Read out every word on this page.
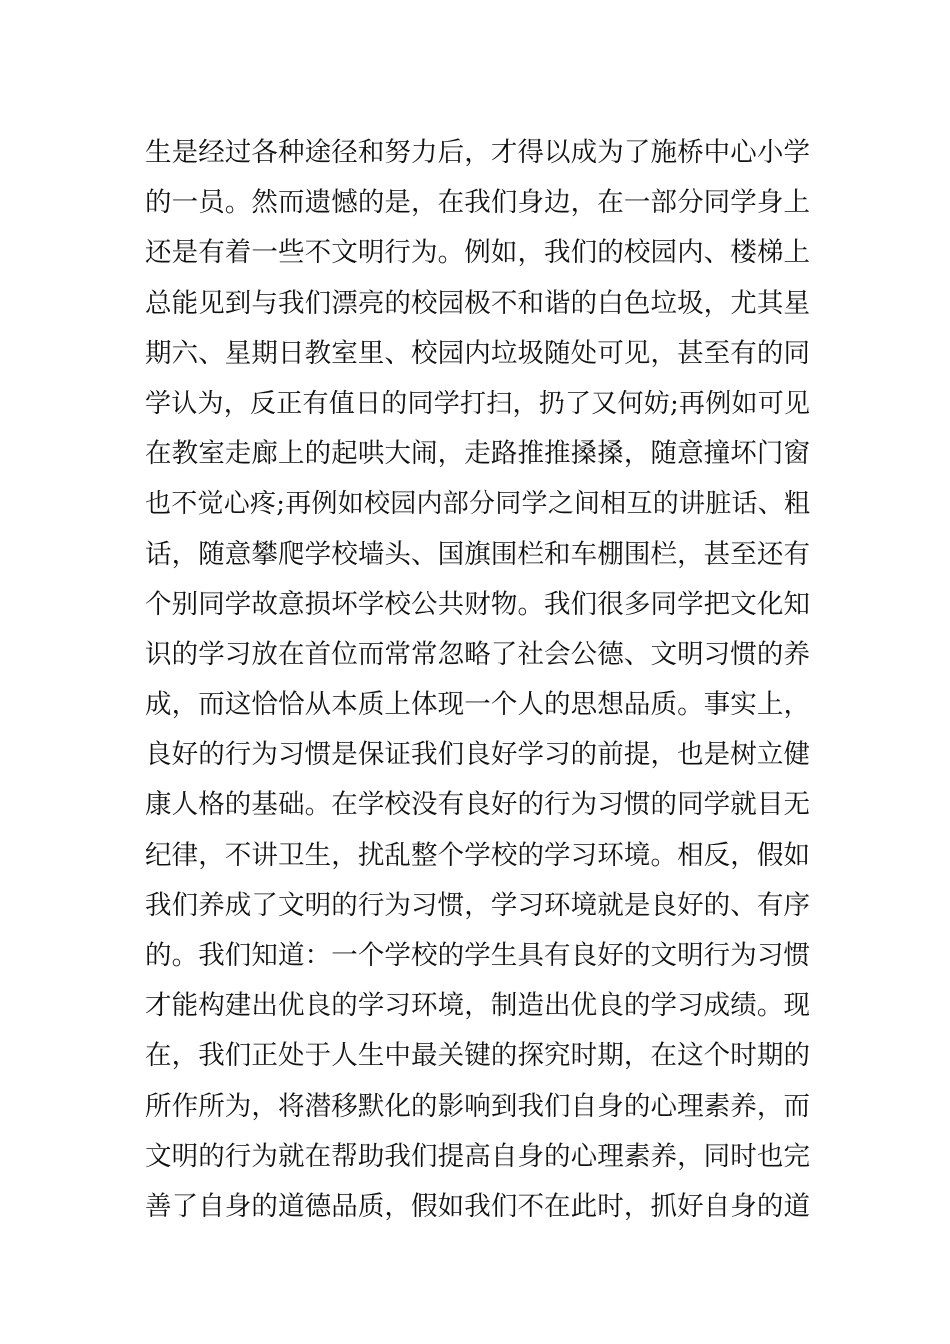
生是经过各种途径和努力后，才得以成为了施桥中心小学
的一员。然而遗憾的是，在我们身边，在一部分同学身上
还是有着一些不文明行为。例如，我们的校园内、楼梯上
总能见到与我们漂亮的校园极不和谐的白色垃圾，尤其星
期六、星期日教室里、校园内垃圾随处可见，甚至有的同
学认为，反正有值日的同学打扫，扔了又何妨;再例如可见
在教室走廊上的起哄大闹，走路推推搡搡，随意撞坏门窗
也不觉心疼;再例如校园内部分同学之间相互的讲脏话、粗
话，随意攀爬学校墙头、国旗围栏和车棚围栏，甚至还有
个别同学故意损坏学校公共财物。我们很多同学把文化知
识的学习放在首位而常常忽略了社会公德、文明习惯的养
成，而这恰恰从本质上体现一个人的思想品质。事实上，
良好的行为习惯是保证我们良好学习的前提，也是树立健
康人格的基础。在学校没有良好的行为习惯的同学就目无
纪律，不讲卫生，扰乱整个学校的学习环境。相反，假如
我们养成了文明的行为习惯，学习环境就是良好的、有序
的。我们知道：一个学校的学生具有良好的文明行为习惯
才能构建出优良的学习环境，制造出优良的学习成绩。现
在，我们正处于人生中最关键的探究时期，在这个时期的
所作所为，将潜移默化的影响到我们自身的心理素养，而
文明的行为就在帮助我们提高自身的心理素养，同时也完
善了自身的道德品质，假如我们不在此时，抓好自身的道
